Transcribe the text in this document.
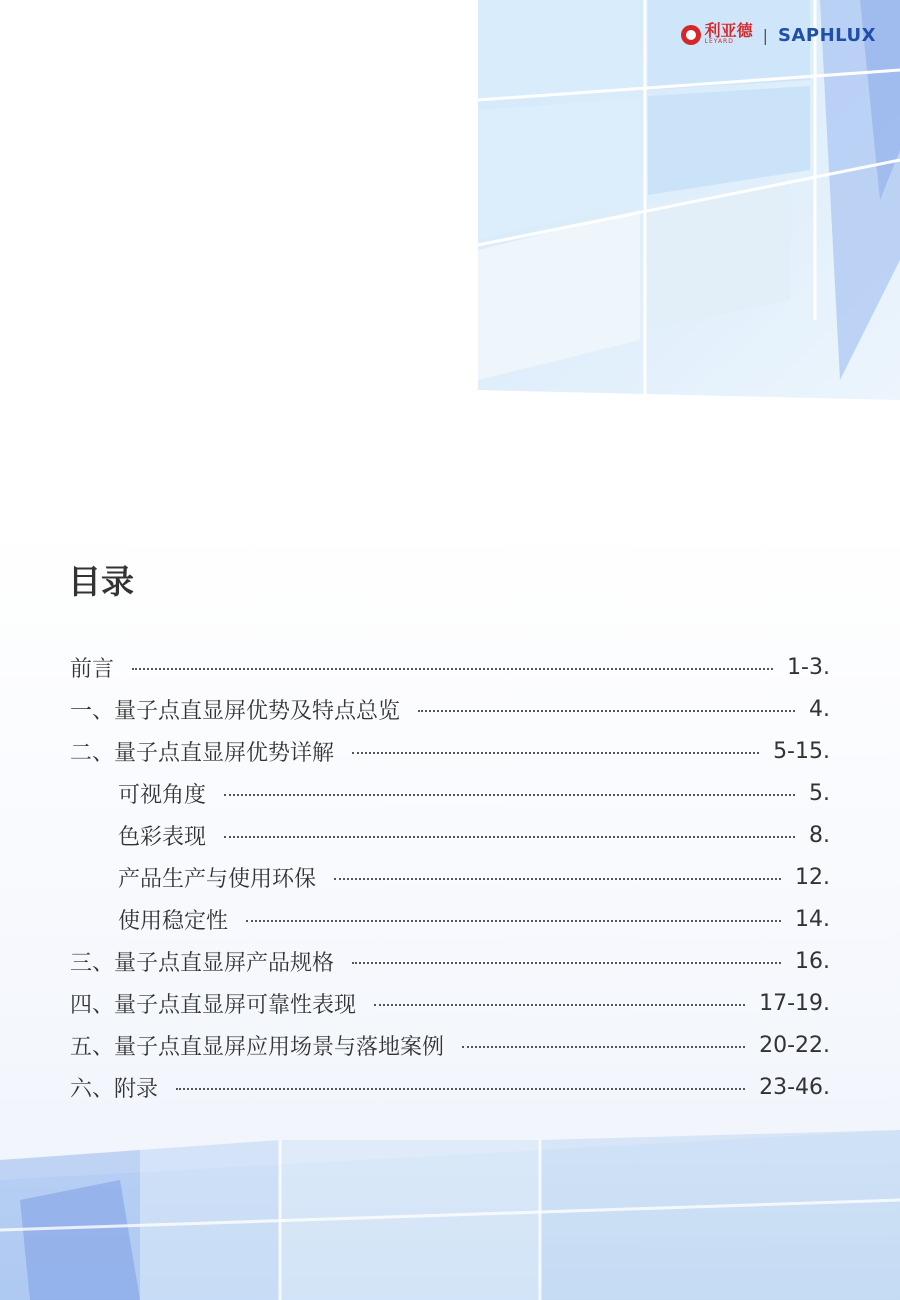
利亚德
LEYARD	| SAPHLUX
目录
前言	1-3.
一、量子点直显屏优势及特点总览	4.
二、量子点直显屏优势详解	5-15.
可视角度	5.
色彩表现	8.
产品生产与使用环保	12.
使用稳定性	14.
三、量子点直显屏产品规格	16.
四、量子点直显屏可靠性表现	17-19.
五、量子点直显屏应用场景与落地案例	20-22.
六、附录	23-46.
